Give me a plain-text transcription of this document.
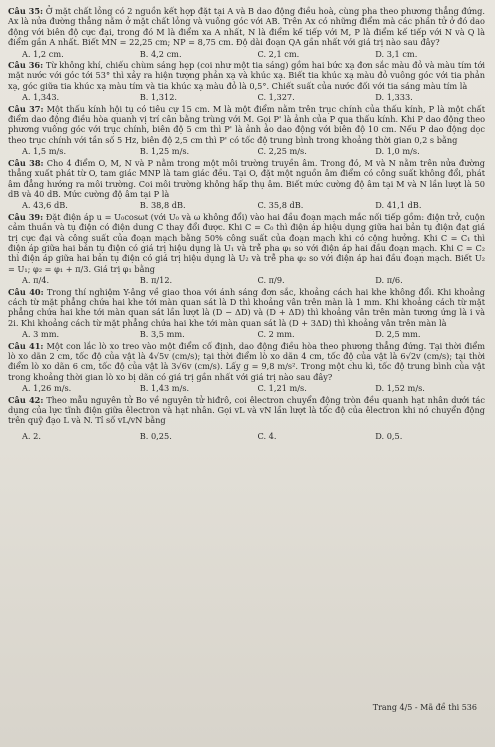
Câu 35: Ở mặt chất lỏng có 2 nguồn kết hợp đặt tại A và B dao động điều hoà, cùng pha theo phương thẳng đứng. Ax là nửa đường thẳng nằm ở mặt chất lỏng và vuông góc với AB. Trên Ax có những điểm mà các phần tử ở đó dao động với biên độ cực đại, trong đó M là điểm xa A nhất, N là điểm kế tiếp với M, P là điểm kế tiếp với N và Q là điểm gần A nhất. Biết MN = 22,25 cm; NP = 8,75 cm. Độ dài đoạn QA gần nhất với giá trị nào sau đây?

A. 1,2 cm.	B. 4,2 cm.	C. 2,1 cm.	D. 3,1 cm.

Câu 36: Từ không khí, chiếu chùm sáng hẹp (coi như một tia sáng) gồm hai bức xạ đơn sắc màu đỏ và màu tím tới mặt nước với góc tới 53° thì xảy ra hiện tượng phản xạ và khúc xạ. Biết tia khúc xạ màu đỏ vuông góc với tia phản xạ, góc giữa tia khúc xạ màu tím và tia khúc xạ màu đỏ là 0,5°. Chiết suất của nước đối với tia sáng màu tím là

A. 1,343.	B. 1,312.	C. 1,327.	D. 1,333.

Câu 37: Một thấu kính hội tụ có tiêu cự 15 cm. M là một điểm nằm trên trục chính của thấu kính, P là một chất điểm dao động điều hòa quanh vị trí cân bằng trùng với M. Gọi P' là ảnh của P qua thấu kính. Khi P dao động theo phương vuông góc với trục chính, biên độ 5 cm thì P' là ảnh ảo dao động với biên độ 10 cm. Nếu P dao động dọc theo trục chính với tần số 5 Hz, biên độ 2,5 cm thì P' có tốc độ trung bình trong khoảng thời gian 0,2 s bằng

A. 1,5 m/s.	B. 1,25 m/s.	C. 2,25 m/s.	D. 1,0 m/s.

Câu 38: Cho 4 điểm O, M, N và P nằm trong một môi trường truyền âm. Trong đó, M và N nằm trên nửa đường thẳng xuất phát từ O, tam giác MNP là tam giác đều. Tại O, đặt một nguồn âm điểm có công suất không đổi, phát âm đẳng hướng ra môi trường. Coi môi trường không hấp thụ âm. Biết mức cường độ âm tại M và N lần lượt là 50 dB và 40 dB. Mức cường độ âm tại P là

A. 43,6 dB.	B. 38,8 dB.	C. 35,8 dB.	D. 41,1 dB.

Câu 39: Đặt điện áp u = U₀cosωt (với U₀ và ω không đổi) vào hai đầu đoạn mạch mắc nối tiếp gồm: điện trở, cuộn cảm thuần và tụ điện có điện dung C thay đổi được. Khi C = C₀ thì điện áp hiệu dụng giữa hai bản tụ điện đạt giá trị cực đại và công suất của đoạn mạch bằng 50% công suất của đoạn mạch khi có cộng hưởng. Khi C = C₁ thì điện áp giữa hai bản tụ điện có giá trị hiệu dụng là U₁ và trễ pha φ₁ so với điện áp hai đầu đoạn mạch. Khi C = C₂ thì điện áp giữa hai bản tụ điện có giá trị hiệu dụng là U₂ và trễ pha φ₂ so với điện áp hai đầu đoạn mạch. Biết U₂ = U₁; φ₂ = φ₁ + π/3. Giá trị φ₁ bằng

A. π/4.	B. π/12.	C. π/9.	D. π/6.

Câu 40: Trong thí nghiệm Y-âng về giao thoa với ánh sáng đơn sắc, khoảng cách hai khe không đổi. Khi khoảng cách từ mặt phẳng chứa hai khe tới màn quan sát là D thì khoảng vân trên màn là 1 mm. Khi khoảng cách từ mặt phẳng chứa hai khe tới màn quan sát lần lượt là (D − ΔD) và (D + ΔD) thì khoảng vân trên màn tương ứng là i và 2i. Khi khoảng cách từ mặt phẳng chứa hai khe tới màn quan sát là (D + 3ΔD) thì khoảng vân trên màn là

A. 3 mm.	B. 3,5 mm.	C. 2 mm.	D. 2,5 mm.

Câu 41: Một con lắc lò xo treo vào một điểm cố định, dao động điều hòa theo phương thẳng đứng. Tại thời điểm lò xo dãn 2 cm, tốc độ của vật là 4√5v (cm/s); tại thời điểm lò xo dãn 4 cm, tốc độ của vật là 6√2v (cm/s); tại thời điểm lò xo dãn 6 cm, tốc độ của vật là 3√6v (cm/s). Lấy g = 9,8 m/s². Trong một chu kì, tốc độ trung bình của vật trong khoảng thời gian lò xo bị dãn có giá trị gần nhất với giá trị nào sau đây?

A. 1,26 m/s.	B. 1,43 m/s.	C. 1,21 m/s.	D. 1,52 m/s.

Câu 42: Theo mẫu nguyên tử Bo về nguyên tử hiđrô, coi êlectron chuyển động tròn đều quanh hạt nhân dưới tác dụng của lực tĩnh điện giữa êlectron và hạt nhân. Gọi vL và vN lần lượt là tốc độ của êlectron khi nó chuyển động trên quỹ đạo L và N. Tỉ số vL/vN bằng

A. 2.	B. 0,25.	C. 4.	D. 0,5.
Trang 4/5 - Mã đề thi 536
